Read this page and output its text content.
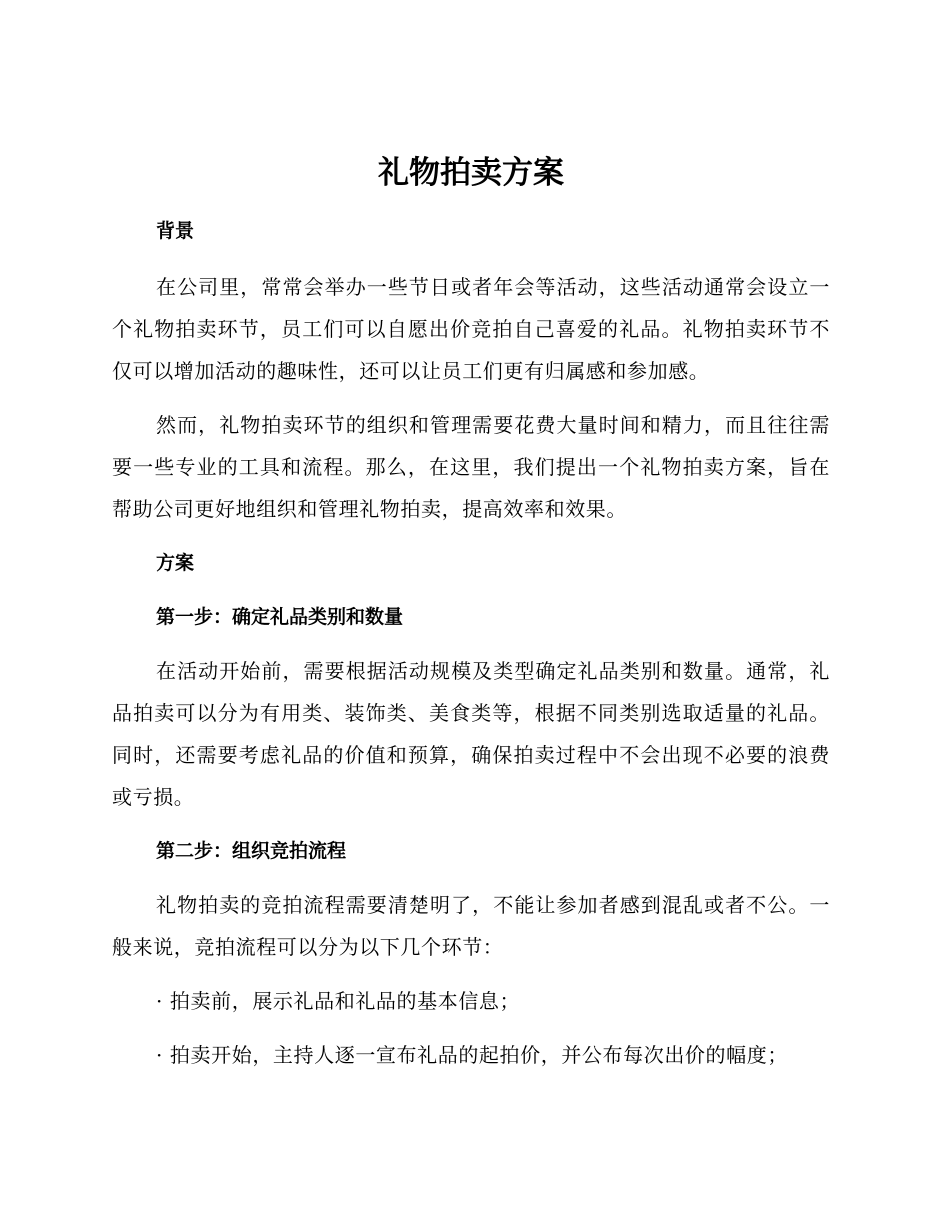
礼物拍卖方案

背景

在公司里，常常会举办一些节日或者年会等活动，这些活动通常会设立一个礼物拍卖环节，员工们可以自愿出价竞拍自己喜爱的礼品。礼物拍卖环节不仅可以增加活动的趣味性，还可以让员工们更有归属感和参加感。

然而，礼物拍卖环节的组织和管理需要花费大量时间和精力，而且往往需要一些专业的工具和流程。那么，在这里，我们提出一个礼物拍卖方案，旨在帮助公司更好地组织和管理礼物拍卖，提高效率和效果。

方案

第一步：确定礼品类别和数量

在活动开始前，需要根据活动规模及类型确定礼品类别和数量。通常，礼品拍卖可以分为有用类、装饰类、美食类等，根据不同类别选取适量的礼品。同时，还需要考虑礼品的价值和预算，确保拍卖过程中不会出现不必要的浪费或亏损。

第二步：组织竞拍流程

礼物拍卖的竞拍流程需要清楚明了，不能让参加者感到混乱或者不公。一般来说，竞拍流程可以分为以下几个环节：

· 拍卖前，展示礼品和礼品的基本信息；

· 拍卖开始，主持人逐一宣布礼品的起拍价，并公布每次出价的幅度；
